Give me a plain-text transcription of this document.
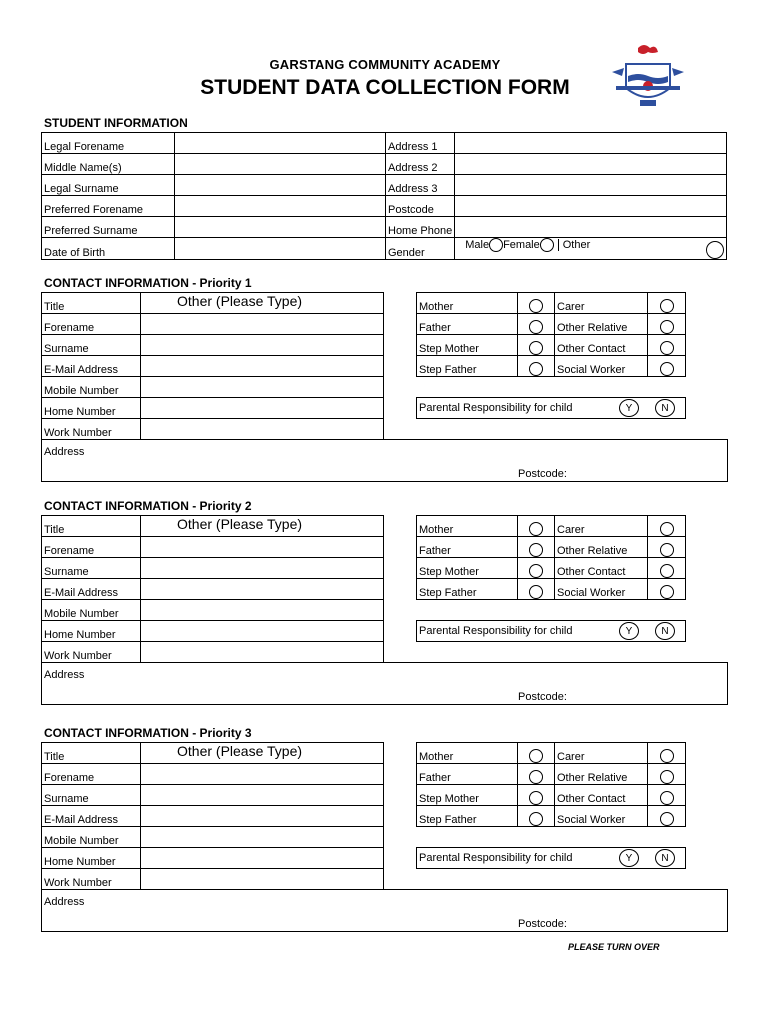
GARSTANG COMMUNITY ACADEMY
STUDENT DATA COLLECTION FORM
STUDENT INFORMATION
Legal Forename		Address 1	
Middle Name(s)		Address 2	
Legal Surname		Address 3	
Preferred Forename		Postcode	
Preferred Surname		Home Phone	
Date of Birth		Gender	Male Female Other
CONTACT INFORMATION - Priority 1
Title	Other (Please Type)
Forename	
Surname	
E-Mail Address	
Mobile Number	
Home Number	
Work Number	
Mother		Carer	
Father		Other Relative	
Step Mother		Other Contact	
Step Father		Social Worker	
Parental Responsibility for child	Y	N
Address
Postcode:
CONTACT INFORMATION - Priority 2
Title	Other (Please Type)
Forename	
Surname	
E-Mail Address	
Mobile Number	
Home Number	
Work Number	
Mother		Carer	
Father		Other Relative	
Step Mother		Other Contact	
Step Father		Social Worker	
Parental Responsibility for child	Y	N
Address
Postcode:
CONTACT INFORMATION - Priority 3
Title	Other (Please Type)
Forename	
Surname	
E-Mail Address	
Mobile Number	
Home Number	
Work Number	
Mother		Carer	
Father		Other Relative	
Step Mother		Other Contact	
Step Father		Social Worker	
Parental Responsibility for child	Y	N
Address
Postcode:
PLEASE TURN OVER
